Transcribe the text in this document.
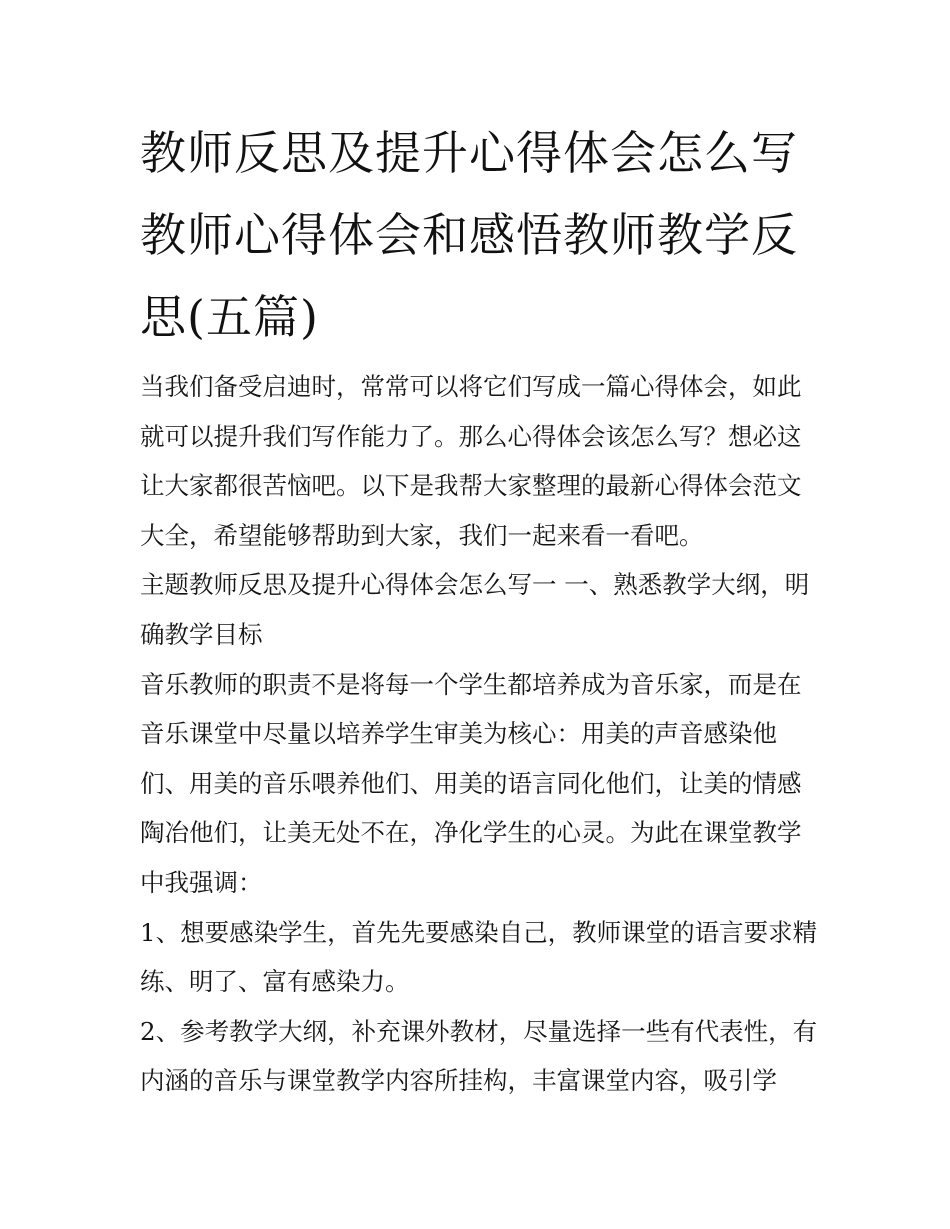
教师反思及提升心得体会怎么写 教师心得体会和感悟教师教学反思(五篇)

当我们备受启迪时，常常可以将它们写成一篇心得体会，如此就可以提升我们写作能力了。那么心得体会该怎么写？想必这让大家都很苦恼吧。以下是我帮大家整理的最新心得体会范文大全，希望能够帮助到大家，我们一起来看一看吧。

主题教师反思及提升心得体会怎么写一 一、熟悉教学大纲，明确教学目标

音乐教师的职责不是将每一个学生都培养成为音乐家，而是在音乐课堂中尽量以培养学生审美为核心：用美的声音感染他们、用美的音乐喂养他们、用美的语言同化他们，让美的情感陶冶他们，让美无处不在，净化学生的心灵。为此在课堂教学中我强调：

1、想要感染学生，首先先要感染自己，教师课堂的语言要求精练、明了、富有感染力。

2、参考教学大纲，补充课外教材，尽量选择一些有代表性，有内涵的音乐与课堂教学内容所挂构，丰富课堂内容，吸引学
